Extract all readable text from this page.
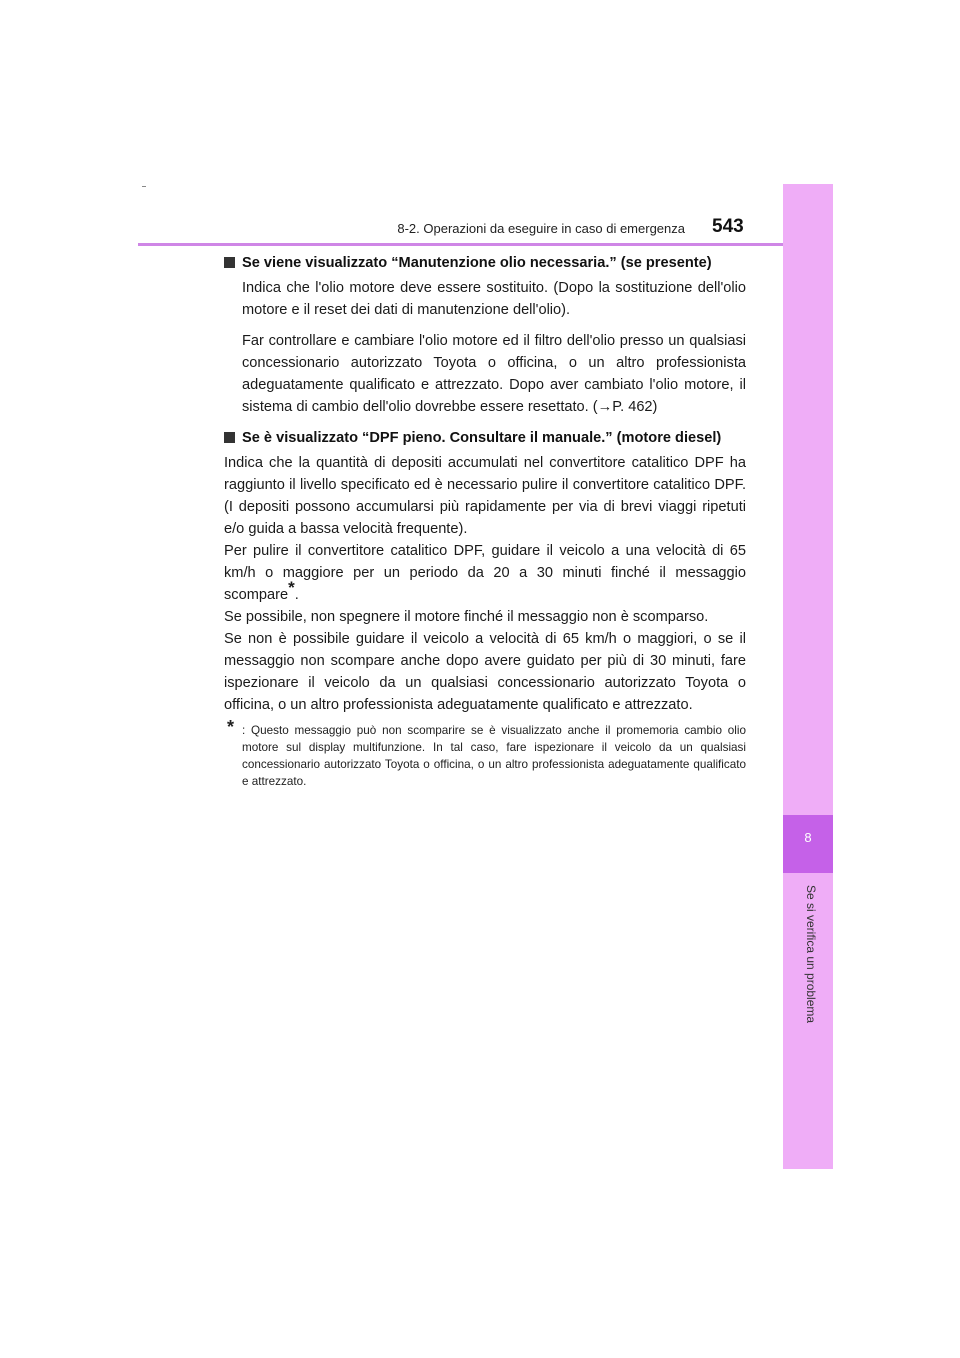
8-2. Operazioni da eseguire in caso di emergenza 543
8
Se si verifica un problema
Se viene visualizzato “Manutenzione olio necessaria.” (se presente)

Indica che l'olio motore deve essere sostituito. (Dopo la sostituzione dell'olio motore e il reset dei dati di manutenzione dell'olio).

Far controllare e cambiare l'olio motore ed il filtro dell'olio presso un qualsiasi concessionario autorizzato Toyota o officina, o un altro professionista adeguatamente qualificato e attrezzato. Dopo aver cambiato l'olio motore, il sistema di cambio dell'olio dovrebbe essere resettato. (→P. 462)

Se è visualizzato “DPF pieno. Consultare il manuale.” (motore diesel)

Indica che la quantità di depositi accumulati nel convertitore catalitico DPF ha raggiunto il livello specificato ed è necessario pulire il convertitore catalitico DPF. (I depositi possono accumularsi più rapidamente per via di brevi viaggi ripetuti e/o guida a bassa velocità frequente).

Per pulire il convertitore catalitico DPF, guidare il veicolo a una velocità di 65 km/h o maggiore per un periodo da 20 a 30 minuti finché il messaggio scompare*.

Se possibile, non spegnere il motore finché il messaggio non è scomparso.

Se non è possibile guidare il veicolo a velocità di 65 km/h o maggiori, o se il messaggio non scompare anche dopo avere guidato per più di 30 minuti, fare ispezionare il veicolo da un qualsiasi concessionario autorizzato Toyota o officina, o un altro professionista adeguatamente qualificato e attrezzato.

* : Questo messaggio può non scomparire se è visualizzato anche il promemoria cambio olio motore sul display multifunzione. In tal caso, fare ispezionare il veicolo da un qualsiasi concessionario autorizzato Toyota o officina, o un altro professionista adeguatamente qualificato e attrezzato.
